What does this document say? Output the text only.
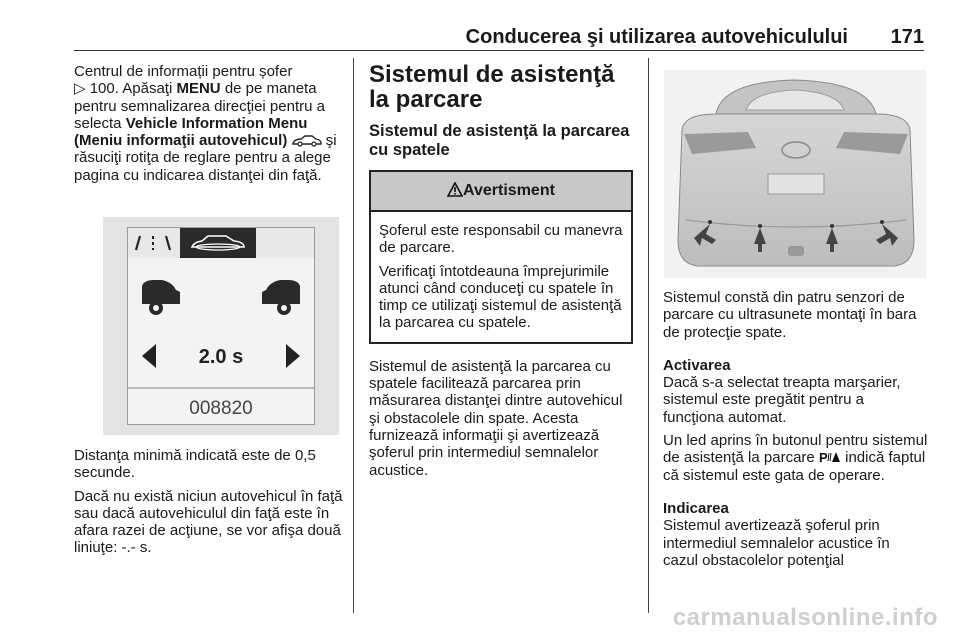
Conducerea şi utilizarea autovehiculului 171

Centrul de informații pentru șofer
▷ 100. Apăsaţi MENU de pe maneta pentru semnalizarea direcţiei pentru a selecta Vehicle Information Menu (Meniu informaţii autovehicul)	şi răsuciţi rotiţa de reglare pentru a alege pagina cu indicarea distanţei din faţă.

2.0 s
008820

Distanţa minimă indicată este de 0,5 secunde.

Dacă nu există niciun autovehicul în faţă sau dacă autovehiculul din faţă este în afara razei de acţiune, se vor afişa două liniuţe: -.- s.

Sistemul de asistenţă la parcare
Sistemul de asistenţă la parcarea cu spatele
Avertisment

Şoferul este responsabil cu manevra de parcare.

Verificaţi întotdeauna împrejurimile atunci când conduceţi cu spatele în timp ce utilizaţi sistemul de asistenţă la parcarea cu spatele.

Sistemul de asistenţă la parcarea cu spatele facilitează parcarea prin măsurarea distanţei dintre autovehicul şi obstacolele din spate. Acesta furnizează informaţii şi avertizează şoferul prin intermediul semnalelor acustice.

Sistemul constă din patru senzori de parcare cu ultrasunete montaţi în bara de protecţie spate.

Activarea

Dacă s-a selectat treapta marşarier, sistemul este pregătit pentru a funcţiona automat.

Un led aprins în butonul pentru sistemul de asistenţă la parcare P indică faptul că sistemul este gata de operare.

Indicarea

Sistemul avertizează şoferul prin intermediul semnalelor acustice în cazul obstacolelor potenţial

carmanualsonline.info
